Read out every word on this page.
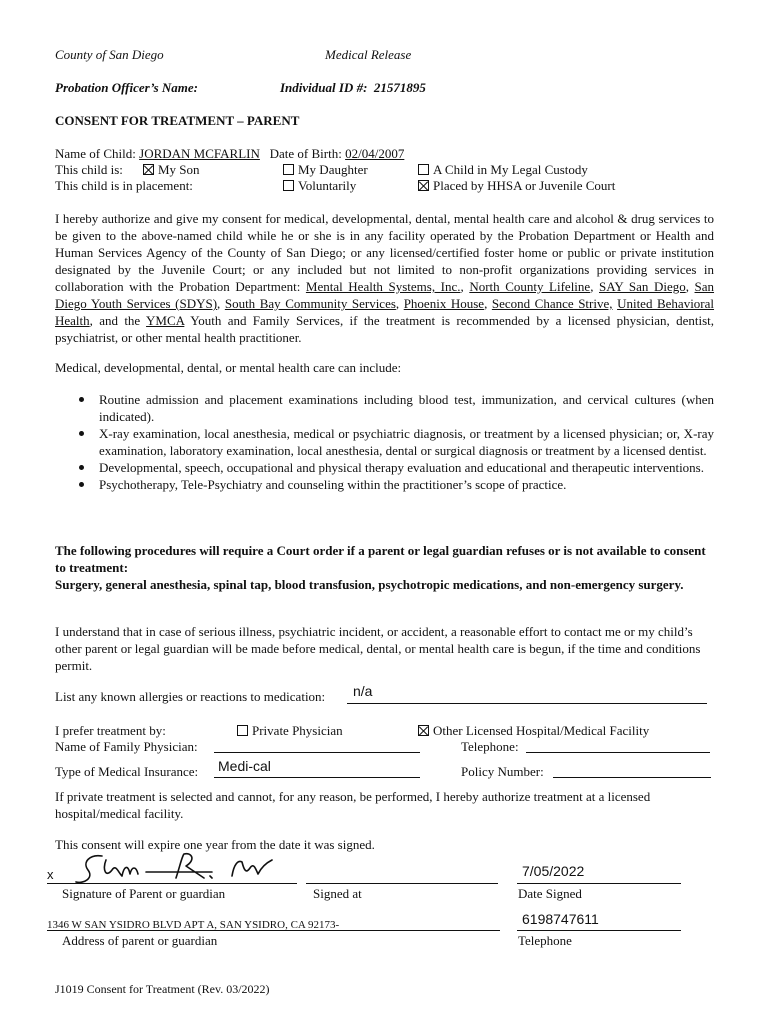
County of San Diego	Medical Release
Probation Officer’s Name:	Individual ID #: 21571895
CONSENT FOR TREATMENT – PARENT
Name of Child: JORDAN MCFARLIN Date of Birth: 02/04/2007
This child is:	My Son	My Daughter	A Child in My Legal Custody
This child is in placement:	Voluntarily	Placed by HHSA or Juvenile Court
I hereby authorize and give my consent for medical, developmental, dental, mental health care and alcohol & drug services to be given to the above-named child while he or she is in any facility operated by the Probation Department or Health and Human Services Agency of the County of San Diego; or any licensed/certified foster home or public or private institution designated by the Juvenile Court; or any included but not limited to non-profit organizations providing services in collaboration with the Probation Department: Mental Health Systems, Inc., North County Lifeline, SAY San Diego, San Diego Youth Services (SDYS), South Bay Community Services, Phoenix House, Second Chance Strive, United Behavioral Health, and the YMCA Youth and Family Services, if the treatment is recommended by a licensed physician, dentist, psychiatrist, or other mental health practitioner.
Medical, developmental, dental, or mental health care can include:
Routine admission and placement examinations including blood test, immunization, and cervical cultures (when indicated).
X-ray examination, local anesthesia, medical or psychiatric diagnosis, or treatment by a licensed physician; or, X-ray examination, laboratory examination, local anesthesia, dental or surgical diagnosis or treatment by a licensed dentist.
Developmental, speech, occupational and physical therapy evaluation and educational and therapeutic interventions.
Psychotherapy, Tele-Psychiatry and counseling within the practitioner’s scope of practice.
The following procedures will require a Court order if a parent or legal guardian refuses or is not available to consent to treatment:
Surgery, general anesthesia, spinal tap, blood transfusion, psychotropic medications, and non-emergency surgery.
I understand that in case of serious illness, psychiatric incident, or accident, a reasonable effort to contact me or my child’s other parent or legal guardian will be made before medical, dental, or mental health care is begun, if the time and conditions permit.
List any known allergies or reactions to medication: n/a
I prefer treatment by:	Private Physician	Other Licensed Hospital/Medical Facility
Name of Family Physician:	Telephone:
Type of Medical Insurance: Medi-cal	Policy Number:
If private treatment is selected and cannot, for any reason, be performed, I hereby authorize treatment at a licensed hospital/medical facility.
This consent will expire one year from the date it was signed.
x
Signature of Parent or guardian	Signed at
7/05/2022
Date Signed
1346 W SAN YSIDRO BLVD APT A, SAN YSIDRO, CA 92173-
Address of parent or guardian
6198747611
Telephone
J1019 Consent for Treatment (Rev. 03/2022)
